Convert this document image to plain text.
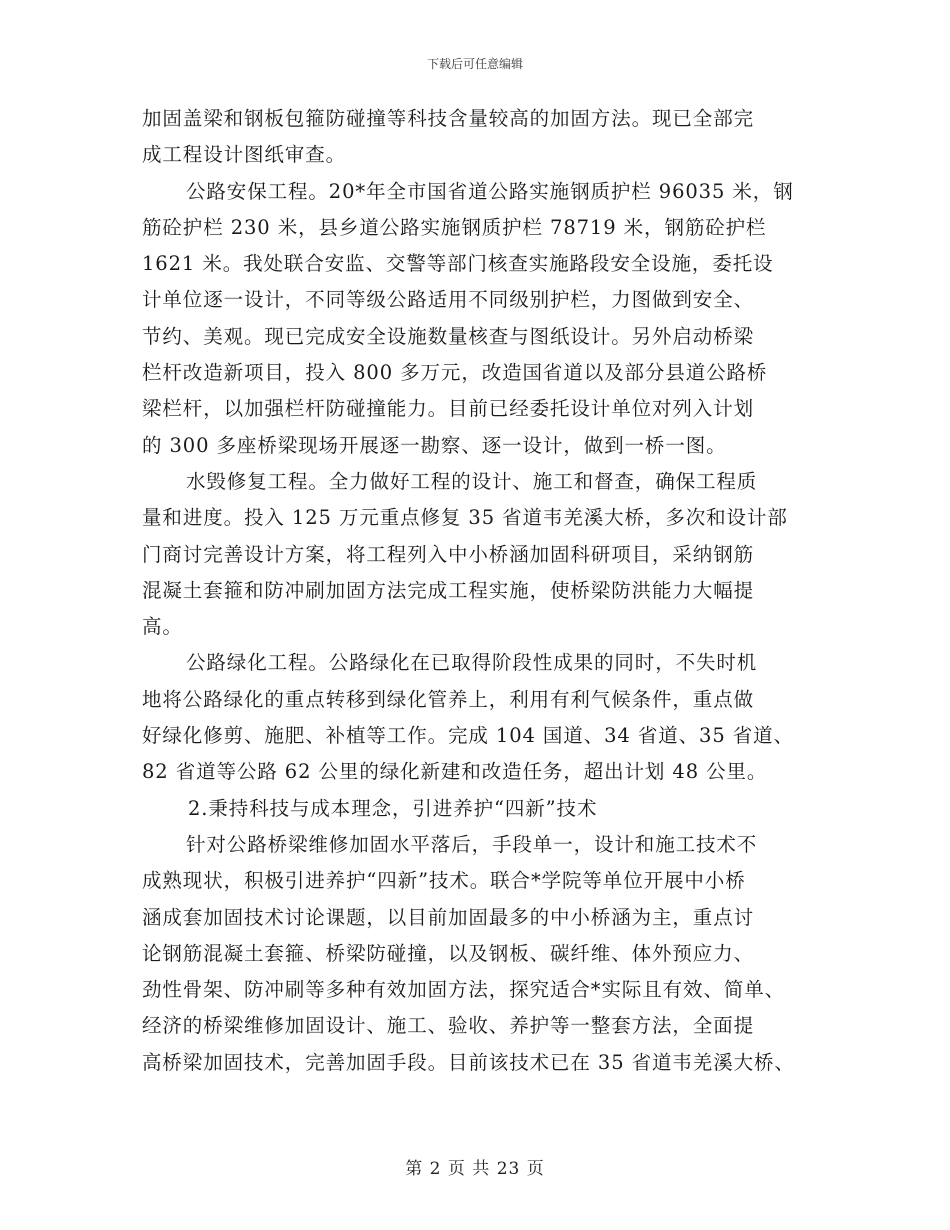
下载后可任意编辑
加固盖梁和钢板包箍防碰撞等科技含量较高的加固方法。现已全部完
成工程设计图纸审查。
公路安保工程。20*年全市国省道公路实施钢质护栏 96035 米，钢
筋砼护栏 230 米，县乡道公路实施钢质护栏 78719 米，钢筋砼护栏
1621 米。我处联合安监、交警等部门核查实施路段安全设施，委托设
计单位逐一设计，不同等级公路适用不同级别护栏，力图做到安全、
节约、美观。现已完成安全设施数量核查与图纸设计。另外启动桥梁
栏杆改造新项目，投入 800 多万元，改造国省道以及部分县道公路桥
梁栏杆，以加强栏杆防碰撞能力。目前已经委托设计单位对列入计划
的 300 多座桥梁现场开展逐一勘察、逐一设计，做到一桥一图。
水毁修复工程。全力做好工程的设计、施工和督查，确保工程质
量和进度。投入 125 万元重点修复 35 省道韦羌溪大桥，多次和设计部
门商讨完善设计方案，将工程列入中小桥涵加固科研项目，采纳钢筋
混凝土套箍和防冲刷加固方法完成工程实施，使桥梁防洪能力大幅提
高。
公路绿化工程。公路绿化在已取得阶段性成果的同时，不失时机
地将公路绿化的重点转移到绿化管养上，利用有利气候条件，重点做
好绿化修剪、施肥、补植等工作。完成 104 国道、34 省道、35 省道、
82 省道等公路 62 公里的绿化新建和改造任务，超出计划 48 公里。
2.秉持科技与成本理念，引进养护“四新”技术
针对公路桥梁维修加固水平落后，手段单一，设计和施工技术不
成熟现状，积极引进养护“四新”技术。联合*学院等单位开展中小桥
涵成套加固技术讨论课题，以目前加固最多的中小桥涵为主，重点讨
论钢筋混凝土套箍、桥梁防碰撞，以及钢板、碳纤维、体外预应力、
劲性骨架、防冲刷等多种有效加固方法，探究适合*实际且有效、简单、
经济的桥梁维修加固设计、施工、验收、养护等一整套方法，全面提
高桥梁加固技术，完善加固手段。目前该技术已在 35 省道韦羌溪大桥、
第 2 页 共 23 页
